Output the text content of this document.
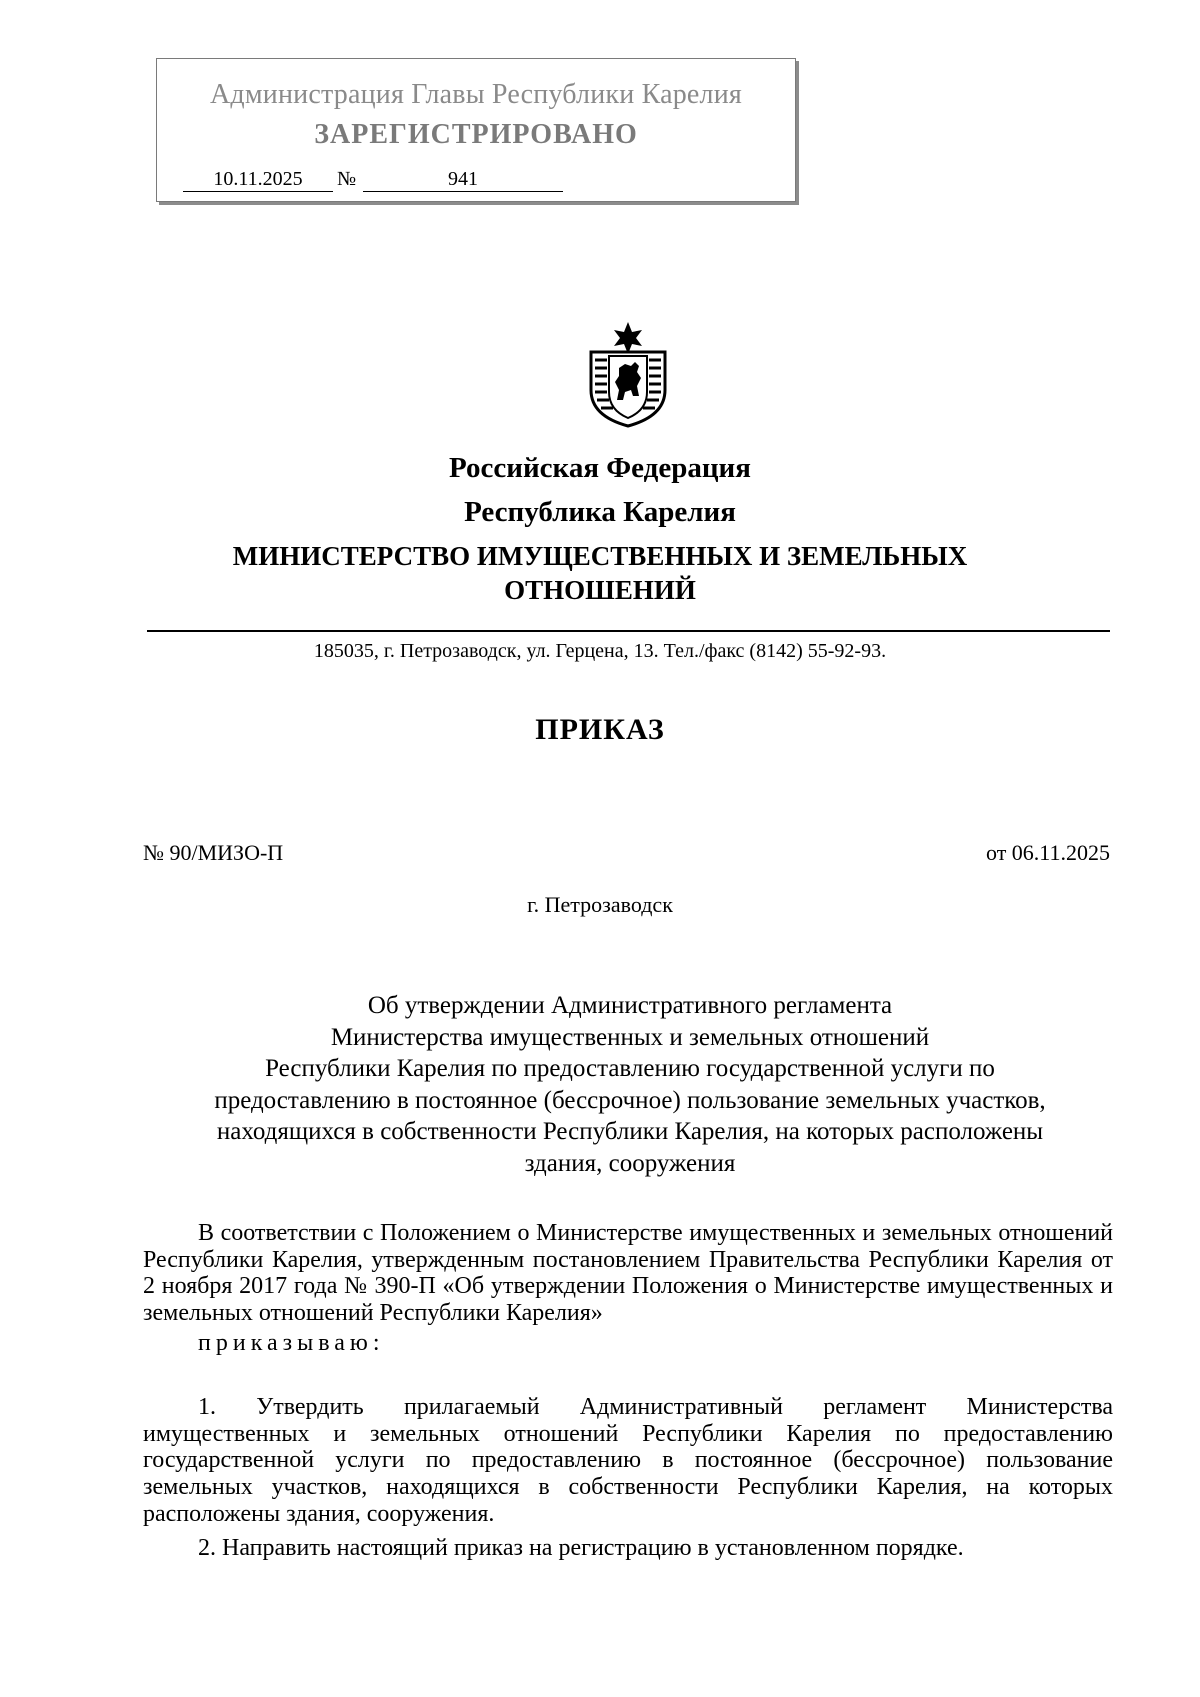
Администрация Главы Республики Карелия
ЗАРЕГИСТРИРОВАНО
10.11.2025	№	941
Российская Федерация
Республика Карелия
МИНИСТЕРСТВО ИМУЩЕСТВЕННЫХ И ЗЕМЕЛЬНЫХ
ОТНОШЕНИЙ
185035, г. Петрозаводск, ул. Герцена, 13. Тел./факс (8142) 55-92-93.
ПРИКАЗ
№ 90/МИЗО-П	от 06.11.2025
г. Петрозаводск
Об утверждении Административного регламента
Министерства имущественных и земельных отношений
Республики Карелия по предоставлению государственной услуги по
предоставлению в постоянное (бессрочное) пользование земельных участков,
находящихся в собственности Республики Карелия, на которых расположены
здания, сооружения
В соответствии с Положением о Министерстве имущественных и земельных отношений Республики Карелия, утвержденным постановлением Правительства Республики Карелия от 2 ноября 2017 года № 390-П «Об утверждении Положения о Министерстве имущественных и земельных отношений Республики Карелия»
приказываю:
1. Утвердить прилагаемый Административный регламент Министерства имущественных и земельных отношений Республики Карелия по предоставлению государственной услуги по предоставлению в постоянное (бессрочное) пользование земельных участков, находящихся в собственности Республики Карелия, на которых расположены здания, сооружения.
2. Направить настоящий приказ на регистрацию в установленном порядке.
